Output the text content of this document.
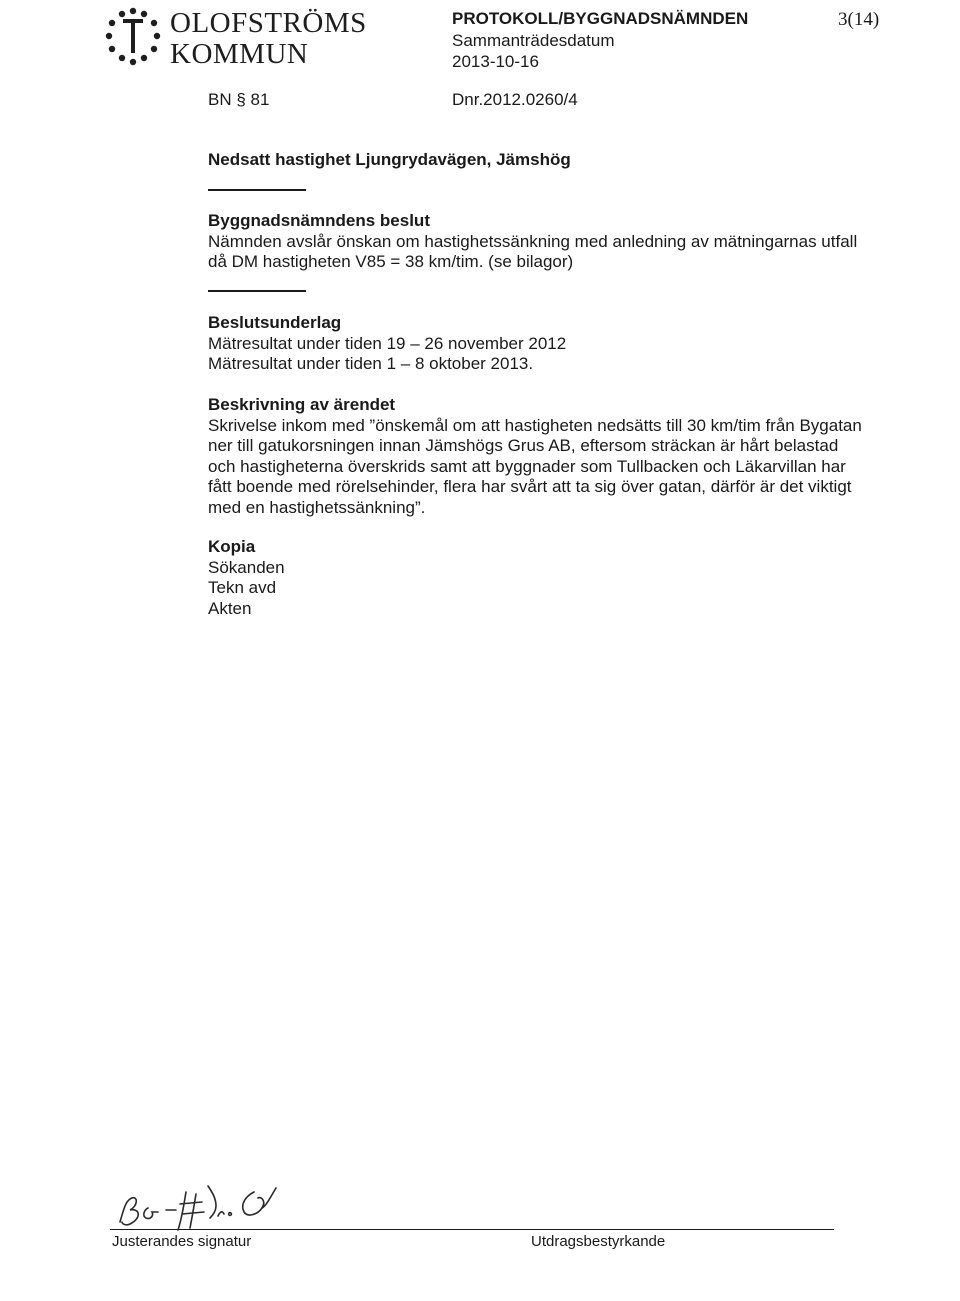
OLOFSTRÖMS
KOMMUN
PROTOKOLL/BYGGNADSNÄMNDEN
Sammanträdesdatum
2013-10-16
3(14)
BN § 81	Dnr.2012.0260/4
Nedsatt hastighet Ljungrydavägen, Jämshög
Byggnadsnämndens beslut
Nämnden avslår önskan om hastighetssänkning med anledning av mätningarnas utfall
då DM hastigheten V85 = 38 km/tim. (se bilagor)
Beslutsunderlag
Mätresultat under tiden 19 – 26 november 2012
Mätresultat under tiden 1 – 8 oktober 2013.
Beskrivning av ärendet
Skrivelse inkom med ”önskemål om att hastigheten nedsätts till 30 km/tim från Bygatan
ner till gatukorsningen innan Jämshögs Grus AB, eftersom sträckan är hårt belastad
och hastigheterna överskrids samt att byggnader som Tullbacken och Läkarvillan har
fått boende med rörelsehinder, flera har svårt att ta sig över gatan, därför är det viktigt
med en hastighetssänkning”.
Kopia
Sökanden
Tekn avd
Akten
Justerandes signatur	Utdragsbestyrkande
